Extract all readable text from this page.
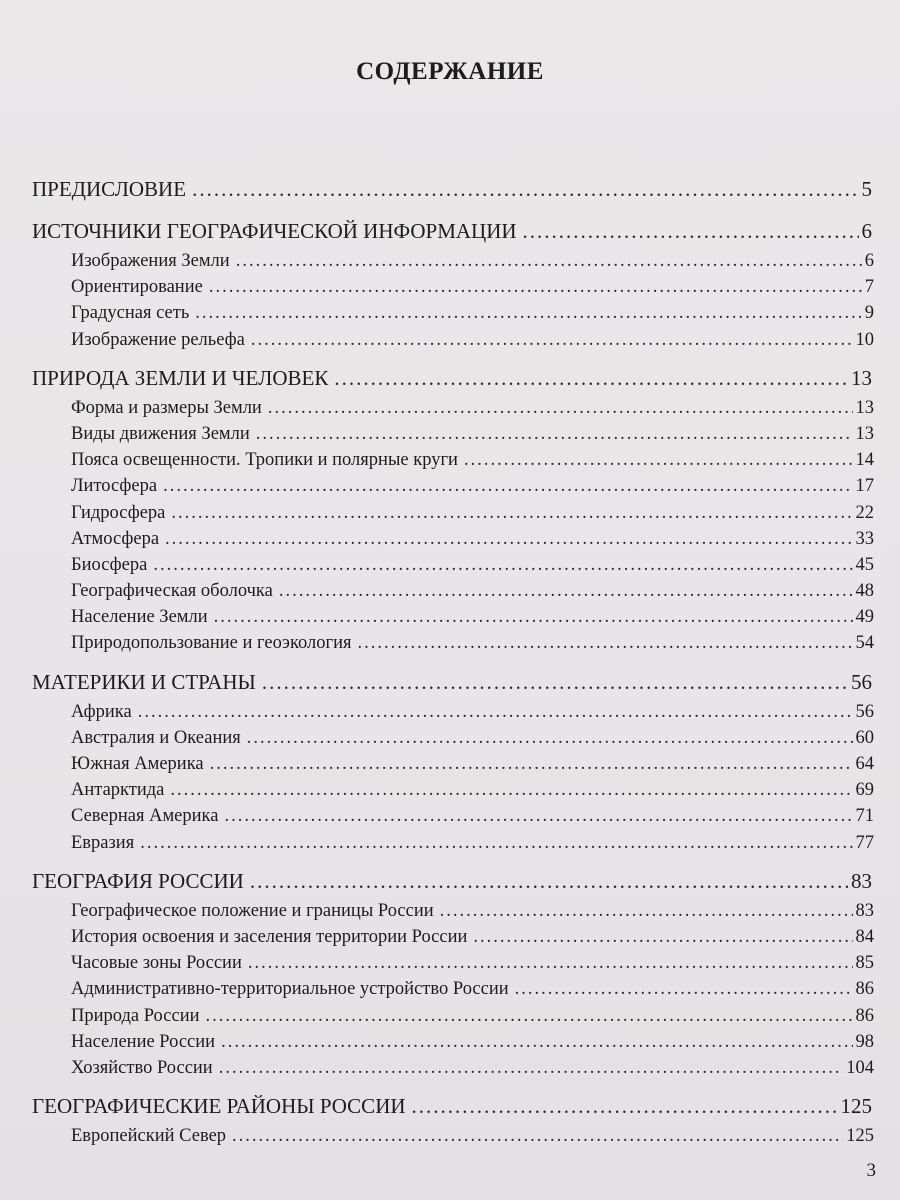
СОДЕРЖАНИЕ
ПРЕДИСЛОВИЕ .....	5
ИСТОЧНИКИ ГЕОГРАФИЧЕСКОЙ ИНФОРМАЦИИ .....	6
Изображения Земли .....	6
Ориентирование .....	7
Градусная сеть .....	9
Изображение рельефа .....	10
ПРИРОДА ЗЕМЛИ И ЧЕЛОВЕК .....	13
Форма и размеры Земли .....	13
Виды движения Земли .....	13
Пояса освещенности. Тропики и полярные круги .....	14
Литосфера .....	17
Гидросфера .....	22
Атмосфера .....	33
Биосфера .....	45
Географическая оболочка .....	48
Население Земли .....	49
Природопользование и геоэкология .....	54
МАТЕРИКИ И СТРАНЫ .....	56
Африка .....	56
Австралия и Океания .....	60
Южная Америка .....	64
Антарктида .....	69
Северная Америка .....	71
Евразия .....	77
ГЕОГРАФИЯ РОССИИ .....	83
Географическое положение и границы России .....	83
История освоения и заселения территории России .....	84
Часовые зоны России .....	85
Административно-территориальное устройство России .....	86
Природа России .....	86
Население России .....	98
Хозяйство России .....	104
ГЕОГРАФИЧЕСКИЕ РАЙОНЫ РОССИИ .....	125
Европейский Север .....	125
3
